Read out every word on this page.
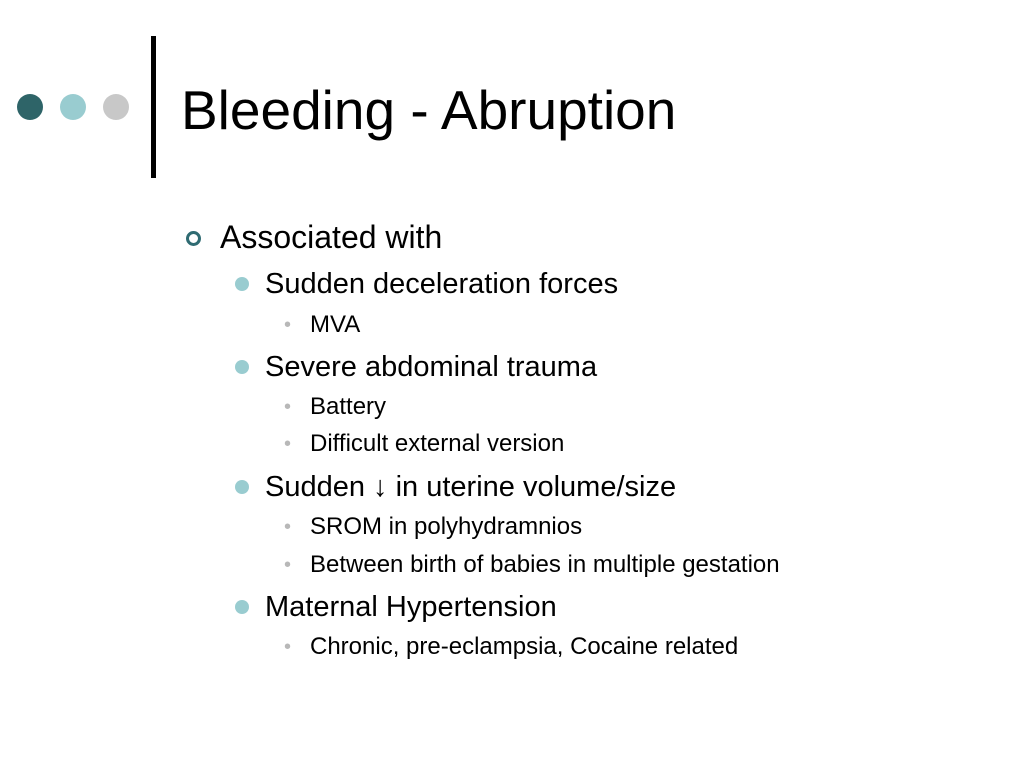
Bleeding - Abruption
Associated with
Sudden deceleration forces
• MVA
Severe abdominal trauma
• Battery
• Difficult external version
Sudden ↓ in uterine volume/size
• SROM in polyhydramnios
• Between birth of babies in multiple gestation
Maternal Hypertension
• Chronic, pre-eclampsia, Cocaine related
